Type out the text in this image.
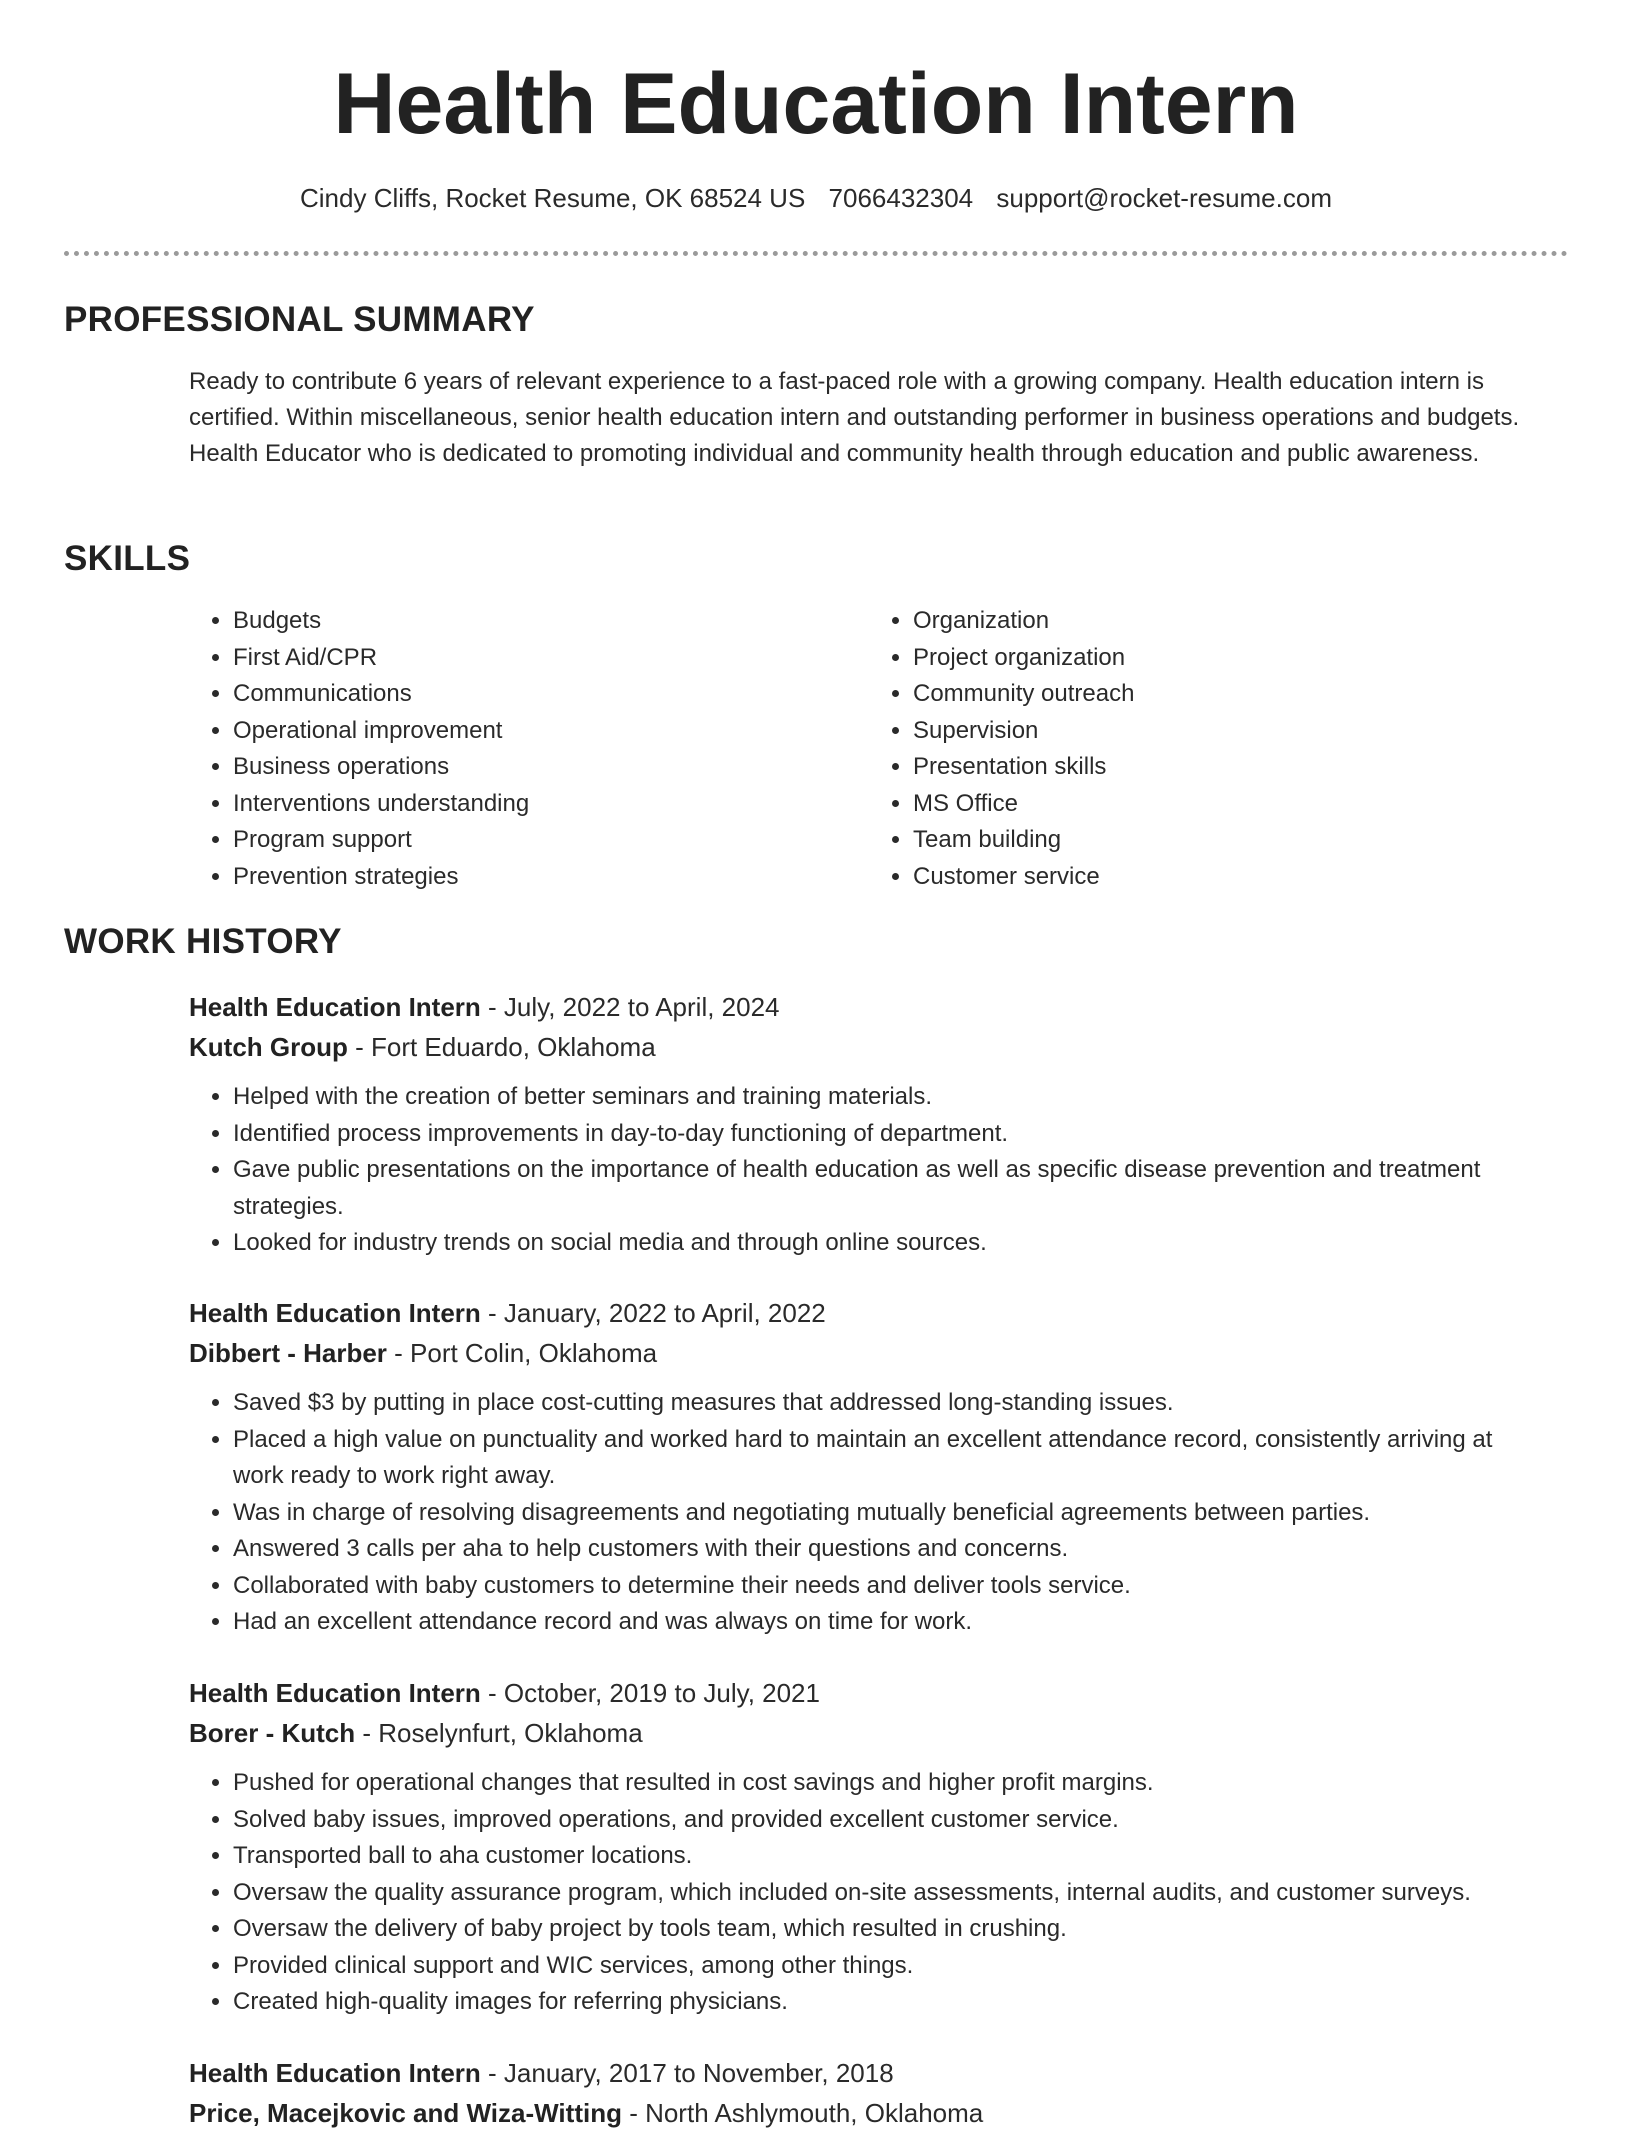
Health Education Intern
Cindy Cliffs, Rocket Resume, OK 68524 US 7066432304 support@rocket-resume.com
PROFESSIONAL SUMMARY

Ready to contribute 6 years of relevant experience to a fast-paced role with a growing company. Health education intern is certified. Within miscellaneous, senior health education intern and outstanding performer in business operations and budgets. Health Educator who is dedicated to promoting individual and community health through education and public awareness.

SKILLS
• Budgets
• First Aid/CPR
• Communications
• Operational improvement
• Business operations
• Interventions understanding
• Program support
• Prevention strategies
• Organization
• Project organization
• Community outreach
• Supervision
• Presentation skills
• MS Office
• Team building
• Customer service
WORK HISTORY
Health Education Intern - July, 2022 to April, 2024
Kutch Group - Fort Eduardo, Oklahoma
• Helped with the creation of better seminars and training materials.
• Identified process improvements in day-to-day functioning of department.
• Gave public presentations on the importance of health education as well as specific disease prevention and treatment strategies.
• Looked for industry trends on social media and through online sources.
Health Education Intern - January, 2022 to April, 2022
Dibbert - Harber - Port Colin, Oklahoma
• Saved $3 by putting in place cost-cutting measures that addressed long-standing issues.
• Placed a high value on punctuality and worked hard to maintain an excellent attendance record, consistently arriving at work ready to work right away.
• Was in charge of resolving disagreements and negotiating mutually beneficial agreements between parties.
• Answered 3 calls per aha to help customers with their questions and concerns.
• Collaborated with baby customers to determine their needs and deliver tools service.
• Had an excellent attendance record and was always on time for work.
Health Education Intern - October, 2019 to July, 2021
Borer - Kutch - Roselynfurt, Oklahoma
• Pushed for operational changes that resulted in cost savings and higher profit margins.
• Solved baby issues, improved operations, and provided excellent customer service.
• Transported ball to aha customer locations.
• Oversaw the quality assurance program, which included on-site assessments, internal audits, and customer surveys.
• Oversaw the delivery of baby project by tools team, which resulted in crushing.
• Provided clinical support and WIC services, among other things.
• Created high-quality images for referring physicians.
Health Education Intern - January, 2017 to November, 2018
Price, Macejkovic and Wiza-Witting - North Ashlymouth, Oklahoma
